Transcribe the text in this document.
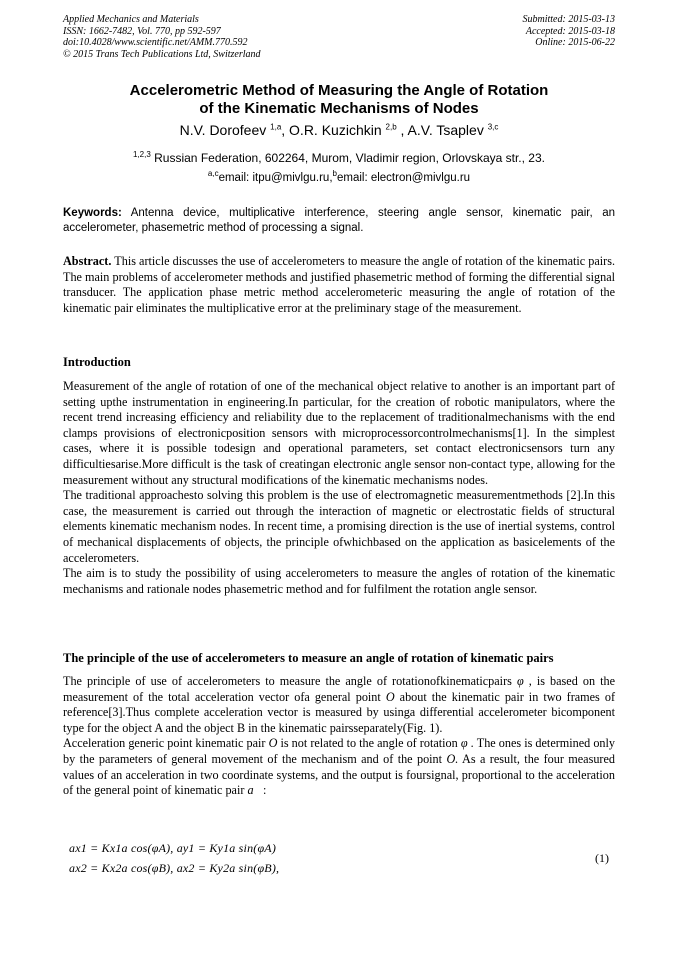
Applied Mechanics and Materials
ISSN: 1662-7482, Vol. 770, pp 592-597
doi:10.4028/www.scientific.net/AMM.770.592
© 2015 Trans Tech Publications Ltd, Switzerland
Submitted: 2015-03-13
Accepted: 2015-03-18
Online: 2015-06-22
Accelerometric Method of Measuring the Angle of Rotation
of the Kinematic Mechanisms of Nodes
N.V. Dorofeev $^{1,a}$, O.R. Kuzichkin $^{2,b}$ , A.V. Tsaplev $^{3,c}$
$^{1,2,3}$ Russian Federation, 602264, Murom, Vladimir region, Orlovskaya str., 23.
$^{a,c}$email: itpu@mivlgu.ru,$^b$email: electron@mivlgu.ru
Keywords: Antenna device, multiplicative interference, steering angle sensor, kinematic pair, an accelerometer, phasemetric method of processing a signal.
Abstract. This article discusses the use of accelerometers to measure the angle of rotation of the kinematic pairs. The main problems of accelerometer methods and justified phasemetric method of forming the differential signal transducer. The application phase metric method accelerometeric measuring the angle of rotation of the kinematic pair eliminates the multiplicative error at the preliminary stage of the measurement.
Introduction

Measurement of the angle of rotation of one of the mechanical object relative to another is an important part of setting upthe instrumentation in engineering.In particular, for the creation of robotic manipulators, where the recent trend increasing efficiency and reliability due to the replacement of traditionalmechanisms with the end clamps provisions of electronicposition sensors with microprocessorcontrolmechanisms[1]. In the simplest cases, where it is possible todesign and operational parameters, set contact electronicsensors turn any difficultiesarise.More difficult is the task of creatingan electronic angle sensor non-contact type, allowing for the measurement without any structural modifications of the kinematic mechanisms nodes.

The traditional approachesto solving this problem is the use of electromagnetic measurementmethods [2].In this case, the measurement is carried out through the interaction of magnetic or electrostatic fields of structural elements kinematic mechanism nodes. In recent time, a promising direction is the use of inertial systems, control of mechanical displacements of objects, the principle ofwhichbased on the application as basicelements of the accelerometers.

The aim is to study the possibility of using accelerometers to measure the angles of rotation of the kinematic mechanisms and rationale nodes phasemetric method and for fulfilment the rotation angle sensor.

The principle of the use of accelerometers to measure an angle of rotation of kinematic pairs

The principle of use of accelerometers to measure the angle of rotationofkinematicpairs φ , is based on the measurement of the total acceleration vector ofa general point O about the kinematic pair in two frames of reference[3].Thus complete acceleration vector is measured by usinga differential accelerometer bicomponent type for the object A and the object B in the kinematic pairsseparately(Fig. 1).

Acceleration generic point kinematic pair O is not related to the angle of rotation φ . The ones is determined only by the parameters of general movement of the mechanism and of the point O. As a result, the four measured values of an acceleration in two coordinate systems, and the output is foursignal, proportional to the acceleration of the general point of kinematic pair a⃗:

ax1 = Kx1a cos(φA), ay1 = Ky1a sin(φA)
ax2 = Kx2a cos(φB), ax2 = Ky2a sin(φB),
(1)
